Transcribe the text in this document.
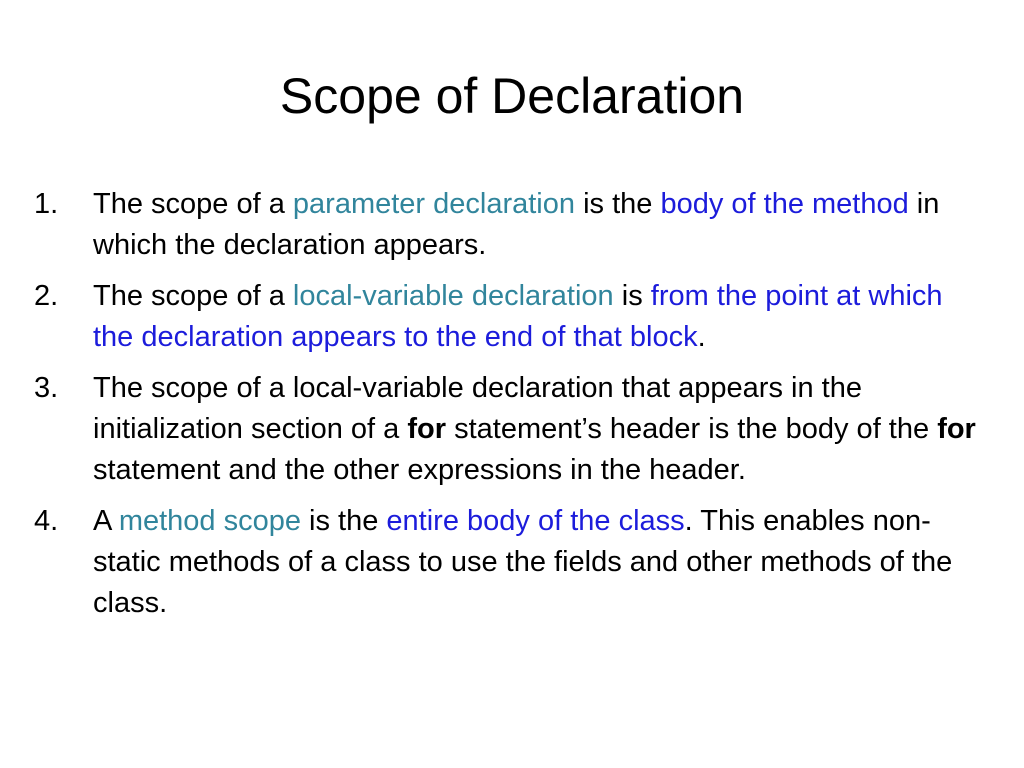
Scope of Declaration
1. The scope of a parameter declaration is the body of the method in which the declaration appears.
2. The scope of a local-variable declaration is from the point at which the declaration appears to the end of that block.
3. The scope of a local-variable declaration that appears in the initialization section of a for statement’s header is the body of the for statement and the other expressions in the header.
4. A method scope is the entire body of the class. This enables non-static methods of a class to use the fields and other methods of the class.
